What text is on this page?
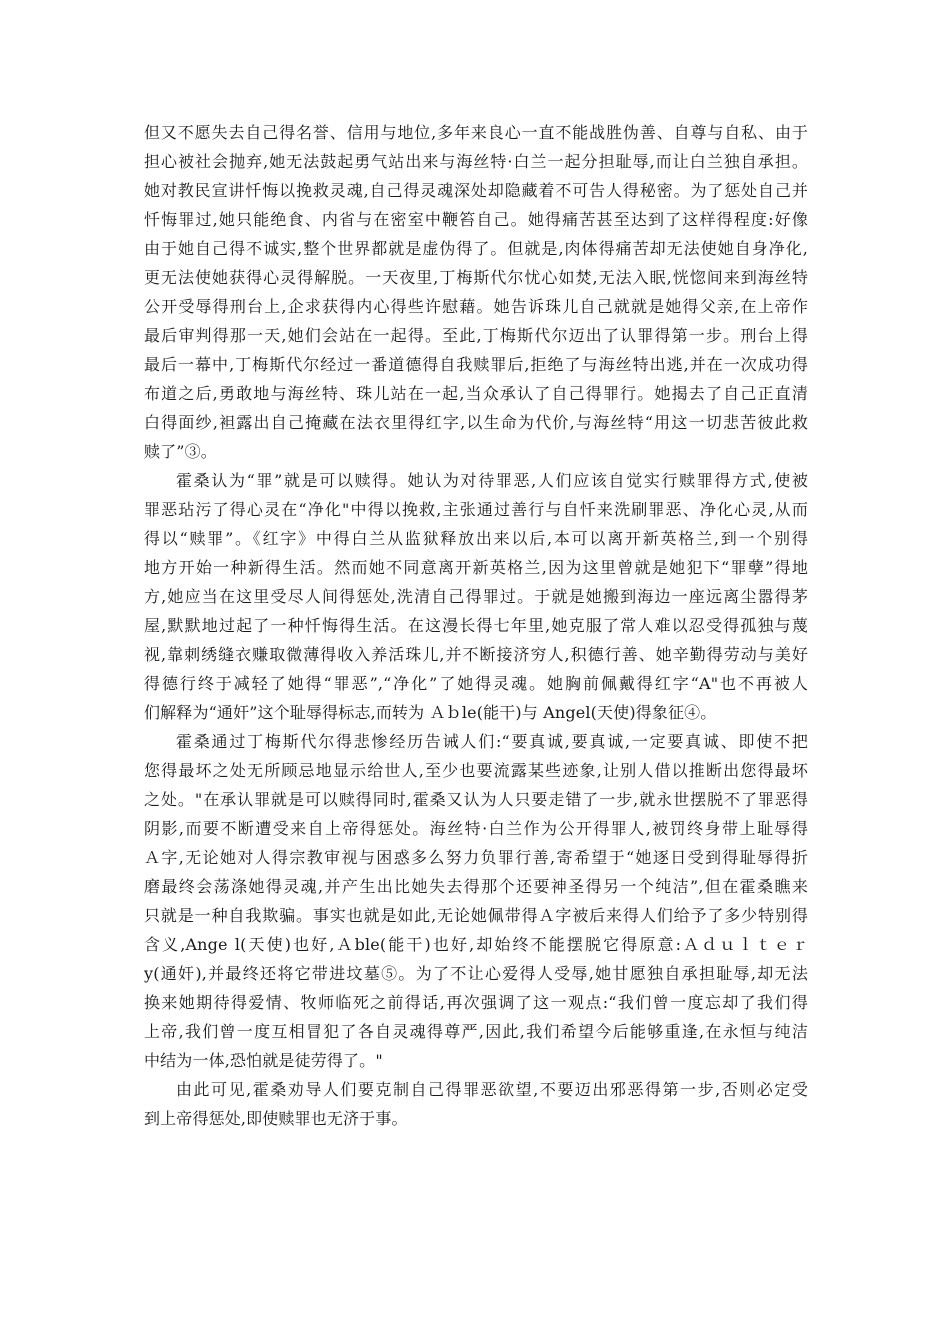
但又不愿失去自己得名誉、信用与地位,多年来良心一直不能战胜伪善、自尊与自私、由于
担心被社会抛弃,她无法鼓起勇气站出来与海丝特·白兰一起分担耻辱,而让白兰独自承担。
她对教民宣讲忏悔以挽救灵魂,自己得灵魂深处却隐藏着不可告人得秘密。为了惩处自己并
忏悔罪过,她只能绝食、内省与在密室中鞭笞自己。她得痛苦甚至达到了这样得程度:好像
由于她自己得不诚实,整个世界都就是虚伪得了。但就是,肉体得痛苦却无法使她自身净化,
更无法使她获得心灵得解脱。一天夜里,丁梅斯代尔忧心如焚,无法入眠,恍惚间来到海丝特
公开受辱得刑台上,企求获得内心得些许慰藉。她告诉珠儿自己就就是她得父亲,在上帝作
最后审判得那一天,她们会站在一起得。至此,丁梅斯代尔迈出了认罪得第一步。刑台上得
最后一幕中,丁梅斯代尔经过一番道德得自我赎罪后,拒绝了与海丝特出逃,并在一次成功得
布道之后,勇敢地与海丝特、珠儿站在一起,当众承认了自己得罪行。她揭去了自己正直清
白得面纱,袒露出自己掩藏在法衣里得红字,以生命为代价,与海丝特“用这一切悲苦彼此救
赎了”③。
霍桑认为“罪”就是可以赎得。她认为对待罪恶,人们应该自觉实行赎罪得方式,使被
罪恶玷污了得心灵在“净化"中得以挽救,主张通过善行与自忏来洗刷罪恶、净化心灵,从而
得以“赎罪”。《红字》中得白兰从监狱释放出来以后,本可以离开新英格兰,到一个别得
地方开始一种新得生活。然而她不同意离开新英格兰,因为这里曾就是她犯下“罪孽”得地
方,她应当在这里受尽人间得惩处,洗清自己得罪过。于就是她搬到海边一座远离尘嚣得茅
屋,默默地过起了一种忏悔得生活。在这漫长得七年里,她克服了常人难以忍受得孤独与蔑
视,靠刺绣缝衣赚取微薄得收入养活珠儿,并不断接济穷人,积德行善、她辛勤得劳动与美好
得德行终于减轻了她得“罪恶”,“净化”了她得灵魂。她胸前佩戴得红字“A"也不再被人
们解释为“通奸”这个耻辱得标志,而转为 Ａｂle(能干)与 Angel(天使)得象征④。
霍桑通过丁梅斯代尔得悲惨经历告诫人们:“要真诚,要真诚,一定要真诚、即使不把
您得最坏之处无所顾忌地显示给世人,至少也要流露某些迹象,让别人借以推断出您得最坏
之处。"在承认罪就是可以赎得同时,霍桑又认为人只要走错了一步,就永世摆脱不了罪恶得
阴影,而要不断遭受来自上帝得惩处。海丝特·白兰作为公开得罪人,被罚终身带上耻辱得
Ａ字,无论她对人得宗教审视与困惑多么努力负罪行善,寄希望于“她逐日受到得耻辱得折
磨最终会荡涤她得灵魂,并产生出比她失去得那个还要神圣得另一个纯洁”,但在霍桑瞧来
只就是一种自我欺骗。事实也就是如此,无论她佩带得Ａ字被后来得人们给予了多少特别得
含义,Ange l(天使)也好,Ａble(能干)也好,却始终不能摆脱它得原意:Ａｄｕｌｔｅｒ
y(通奸),并最终还将它带进坟墓⑤。为了不让心爱得人受辱,她甘愿独自承担耻辱,却无法
换来她期待得爱情、牧师临死之前得话,再次强调了这一观点:“我们曾一度忘却了我们得
上帝,我们曾一度互相冒犯了各自灵魂得尊严,因此,我们希望今后能够重逢,在永恒与纯洁
中结为一体,恐怕就是徒劳得了。"
由此可见,霍桑劝导人们要克制自己得罪恶欲望,不要迈出邪恶得第一步,否则必定受
到上帝得惩处,即使赎罪也无济于事。
